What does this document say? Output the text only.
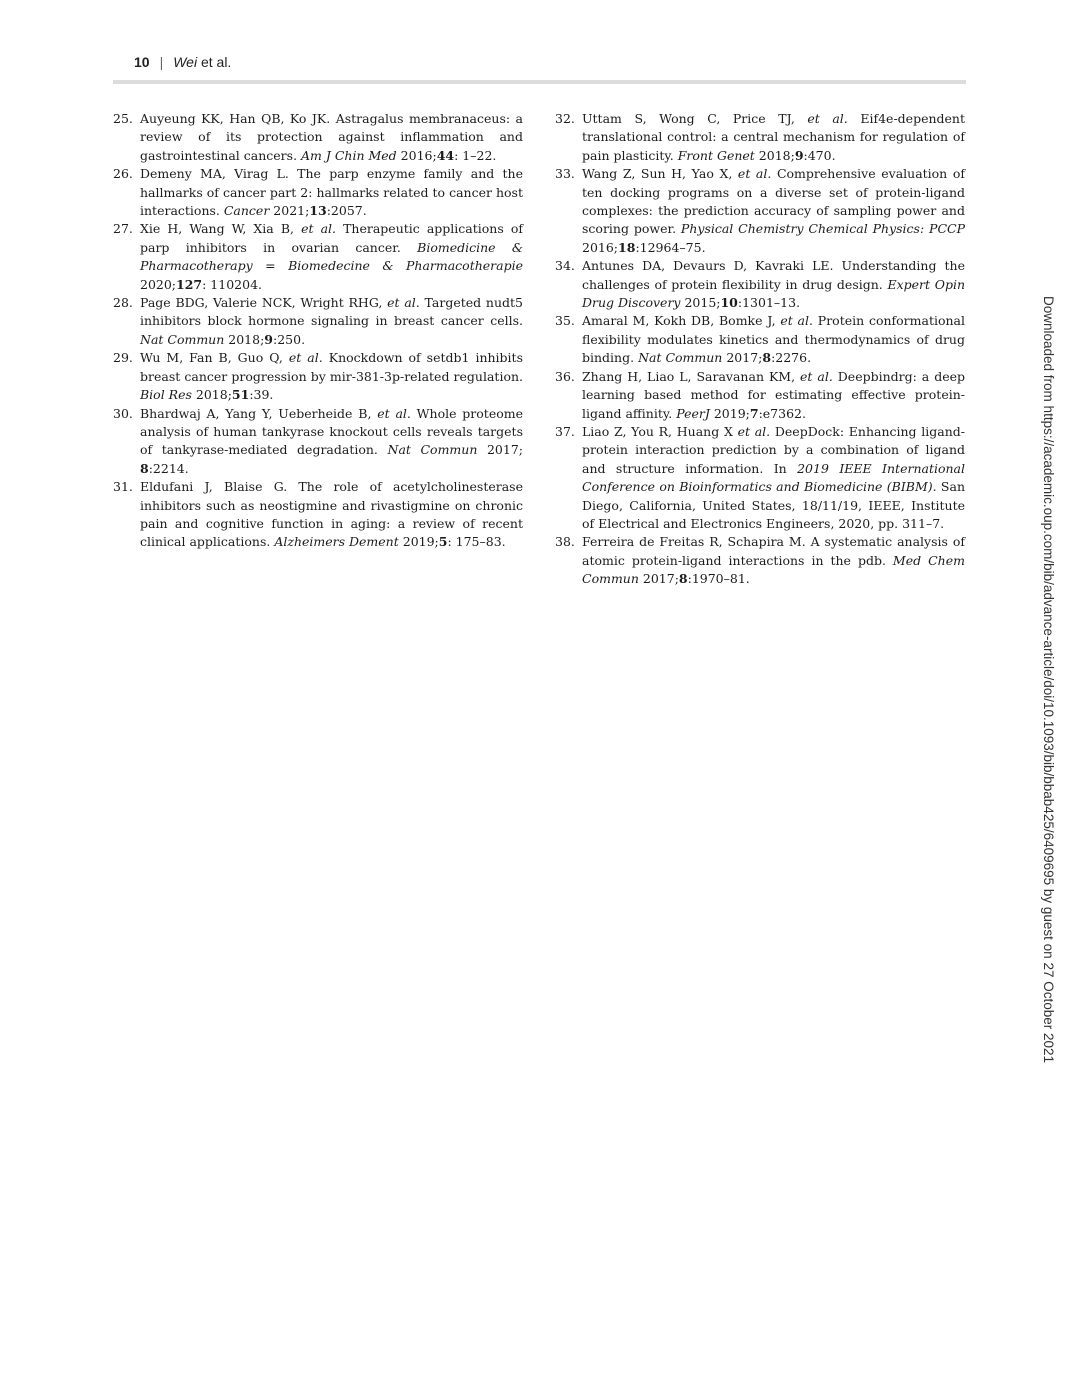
10 | Wei et al.
25. Auyeung KK, Han QB, Ko JK. Astragalus membranaceus: a review of its protection against inflammation and gastrointestinal cancers. Am J Chin Med 2016;44: 1–22.
26. Demeny MA, Virag L. The parp enzyme family and the hallmarks of cancer part 2: hallmarks related to cancer host interactions. Cancer 2021;13:2057.
27. Xie H, Wang W, Xia B, et al. Therapeutic applications of parp inhibitors in ovarian cancer. Biomedicine & Pharmacotherapy = Biomedecine & Pharmacotherapie 2020;127: 110204.
28. Page BDG, Valerie NCK, Wright RHG, et al. Targeted nudt5 inhibitors block hormone signaling in breast cancer cells. Nat Commun 2018;9:250.
29. Wu M, Fan B, Guo Q, et al. Knockdown of setdb1 inhibits breast cancer progression by mir-381-3p-related regulation. Biol Res 2018;51:39.
30. Bhardwaj A, Yang Y, Ueberheide B, et al. Whole proteome analysis of human tankyrase knockout cells reveals targets of tankyrase-mediated degradation. Nat Commun 2017; 8:2214.
31. Eldufani J, Blaise G. The role of acetylcholinesterase inhibitors such as neostigmine and rivastigmine on chronic pain and cognitive function in aging: a review of recent clinical applications. Alzheimers Dement 2019;5: 175–83.
32. Uttam S, Wong C, Price TJ, et al. Eif4e-dependent translational control: a central mechanism for regulation of pain plasticity. Front Genet 2018;9:470.
33. Wang Z, Sun H, Yao X, et al. Comprehensive evaluation of ten docking programs on a diverse set of protein-ligand complexes: the prediction accuracy of sampling power and scoring power. Physical Chemistry Chemical Physics: PCCP 2016;18:12964–75.
34. Antunes DA, Devaurs D, Kavraki LE. Understanding the challenges of protein flexibility in drug design. Expert Opin Drug Discovery 2015;10:1301–13.
35. Amaral M, Kokh DB, Bomke J, et al. Protein conformational flexibility modulates kinetics and thermodynamics of drug binding. Nat Commun 2017;8:2276.
36. Zhang H, Liao L, Saravanan KM, et al. Deepbindrg: a deep learning based method for estimating effective protein-ligand affinity. PeerJ 2019;7:e7362.
37. Liao Z, You R, Huang X et al. DeepDock: Enhancing ligand-protein interaction prediction by a combination of ligand and structure information. In 2019 IEEE International Conference on Bioinformatics and Biomedicine (BIBM). San Diego, California, United States, 18/11/19, IEEE, Institute of Electrical and Electronics Engineers, 2020, pp. 311–7.
38. Ferreira de Freitas R, Schapira M. A systematic analysis of atomic protein-ligand interactions in the pdb. Med Chem Commun 2017;8:1970–81.	Downloaded from https://academic.oup.com/bib/advance-article/doi/10.1093/bib/bbab425/6409695 by guest on 27 October 2021
